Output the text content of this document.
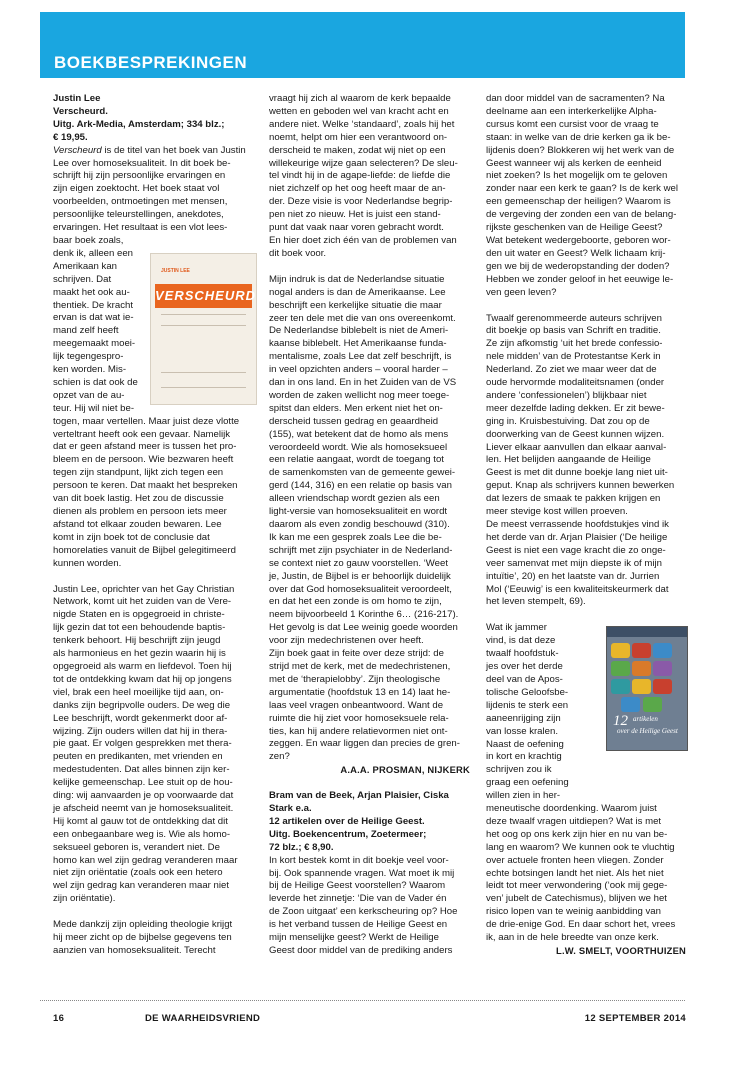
BOEKBESPREKINGEN

Justin Lee

Verscheurd.

Uitg. Ark-Media, Amsterdam; 334 blz.;

€ 19,95.

Verscheurd is de titel van het boek van Justin
Lee over homoseksualiteit. In dit boek be-
schrijft hij zijn persoonlijke ervaringen en
zijn eigen zoektocht. Het boek staat vol
voorbeelden, ontmoetingen met mensen,
persoonlijke teleurstellingen, anekdotes,
ervaringen. Het resultaat is een vlot lees-
baar boek zoals,
denk ik, alleen een
Amerikaan kan
schrijven. Dat
maakt het ook au-
thentiek. De kracht
ervan is dat wat ie-
mand zelf heeft
meegemaakt moei-
lijk tegengespro-
ken worden. Mis-
schien is dat ook de
opzet van de au-
teur. Hij wil niet be-
togen, maar vertellen. Maar juist deze vlotte
verteltrant heeft ook een gevaar. Namelijk
dat er geen afstand meer is tussen het pro-
bleem en de persoon. Wie bezwaren heeft
tegen zijn standpunt, lijkt zich tegen een
persoon te keren. Dat maakt het bespreken
van dit boek lastig. Het zou de discussie
dienen als problem en persoon iets meer
afstand tot elkaar zouden bewaren. Lee
komt in zijn boek tot de conclusie dat
homorelaties vanuit de Bijbel gelegitimeerd
kunnen worden.
Justin Lee, oprichter van het Gay Christian
Network, komt uit het zuiden van de Vere-
nigde Staten en is opgegroeid in christe-
lijk gezin dat tot een behoudende baptis-
tenkerk behoort. Hij beschrijft zijn jeugd
als harmonieus en het gezin waarin hij is
opgegroeid als warm en liefdevol. Toen hij
tot de ontdekking kwam dat hij op jongens
viel, brak een heel moeilijke tijd aan, on-
danks zijn begripvolle ouders. De weg die
Lee beschrijft, wordt gekenmerkt door af-
wijzing. Zijn ouders willen dat hij in thera-
pie gaat. Er volgen gesprekken met thera-
peuten en predikanten, met vrienden en
medestudenten. Dat alles binnen zijn ker-
kelijke gemeenschap. Lee stuit op de hou-
ding: wij aanvaarden je op voorwaarde dat
je afscheid neemt van je homoseksualiteit.
Hij komt al gauw tot de ontdekking dat dit
een onbegaanbare weg is. Wie als homo-
seksueel geboren is, verandert niet. De
homo kan wel zijn gedrag veranderen maar
niet zijn oriëntatie (zoals ook een hetero
wel zijn gedrag kan veranderen maar niet
zijn oriëntatie).
Mede dankzij zijn opleiding theologie krijgt
hij meer zicht op de bijbelse gegevens ten
aanzien van homoseksualiteit. Terecht
JUSTIN LEE
VERSCHEURD
vraagt hij zich al waarom de kerk bepaalde
wetten en geboden wel van kracht acht en
andere niet. Welke ‘standaard’, zoals hij het
noemt, helpt om hier een verantwoord on-
derscheid te maken, zodat wij niet op een
willekeurige wijze gaan selecteren? De sleu-
tel vindt hij in de agape-liefde: de liefde die
niet zichzelf op het oog heeft maar de an-
der. Deze visie is voor Nederlandse begrip-
pen niet zo nieuw. Het is juist een stand-
punt dat vaak naar voren gebracht wordt.
En hier doet zich één van de problemen van
dit boek voor.
Mijn indruk is dat de Nederlandse situatie
nogal anders is dan de Amerikaanse. Lee
beschrijft een kerkelijke situatie die maar
zeer ten dele met die van ons overeenkomt.
De Nederlandse biblebelt is niet de Ameri-
kaanse biblebelt. Het Amerikaanse funda-
mentalisme, zoals Lee dat zelf beschrijft, is
in veel opzichten anders – vooral harder –
dan in ons land. En in het Zuiden van de VS
worden de zaken wellicht nog meer toege-
spitst dan elders. Men erkent niet het on-
derscheid tussen gedrag en geaardheid
(155), wat betekent dat de homo als mens
veroordeeld wordt. Wie als homoseksueel
een relatie aangaat, wordt de toegang tot
de samenkomsten van de gemeente gewei-
gerd (144, 316) en een relatie op basis van
alleen vriendschap wordt gezien als een
light-versie van homoseksualiteit en wordt
daarom als even zondig beschouwd (310).
Ik kan me een gesprek zoals Lee die be-
schrijft met zijn psychiater in de Nederland-
se context niet zo gauw voorstellen. ‘Weet
je, Justin, de Bijbel is er behoorlijk duidelijk
over dat God homoseksualiteit veroordeelt,
en dat het een zonde is om homo te zijn,
neem bijvoorbeeld 1 Korinthe 6… (216-217).
Het gevolg is dat Lee weinig goede woorden
voor zijn medechristenen over heeft.
Zijn boek gaat in feite over deze strijd: de
strijd met de kerk, met de medechristenen,
met de ‘therapielobby’. Zijn theologische
argumentatie (hoofdstuk 13 en 14) laat he-
laas veel vragen onbeantwoord. Want de
ruimte die hij ziet voor homoseksuele rela-
ties, kan hij andere relatievormen niet ont-
zeggen. En waar liggen dan precies de gren-
zen?

A.A.A. PROSMAN, NIJKERK

Bram van de Beek, Arjan Plaisier, Ciska

Stark e.a.

12 artikelen over de Heilige Geest.

Uitg. Boekencentrum, Zoetermeer;

72 blz.; € 8,90.

In kort bestek komt in dit boekje veel voor-
bij. Ook spannende vragen. Wat moet ik mij
bij de Heilige Geest voorstellen? Waarom
leverde het zinnetje: ‘Die van de Vader én
de Zoon uitgaat’ een kerkscheuring op? Hoe
is het verband tussen de Heilige Geest en
mijn menselijke geest? Werkt de Heilige
Geest door middel van de prediking anders
dan door middel van de sacramenten? Na
deelname aan een interkerkelijke Alpha-
cursus komt een cursist voor de vraag te
staan: in welke van de drie kerken ga ik be-
lijdenis doen? Blokkeren wij het werk van de
Geest wanneer wij als kerken de eenheid
niet zoeken? Is het mogelijk om te geloven
zonder naar een kerk te gaan? Is de kerk wel
een gemeenschap der heiligen? Waarom is
de vergeving der zonden een van de belang-
rijkste geschenken van de Heilige Geest?
Wat betekent wedergeboorte, geboren wor-
den uit water en Geest? Welk lichaam krij-
gen we bij de wederopstanding der doden?
Hebben we zonder geloof in het eeuwige le-
ven geen leven?
Twaalf gerenommeerde auteurs schrijven
dit boekje op basis van Schrift en traditie.
Ze zijn afkomstig ‘uit het brede confessio-
nele midden’ van de Protestantse Kerk in
Nederland. Zo ziet we maar weer dat de
oude hervormde modaliteitsnamen (onder
andere ‘confessionelen’) blijkbaar niet
meer dezelfde lading dekken. Er zit bewe-
ging in. Kruisbestuiving. Dat zou op de
doorwerking van de Geest kunnen wijzen.
Liever elkaar aanvullen dan elkaar aanval-
len. Het belijden aangaande de Heilige
Geest is met dit dunne boekje lang niet uit-
geput. Knap als schrijvers kunnen bewerken
dat lezers de smaak te pakken krijgen en
meer stevige kost willen proeven.
De meest verrassende hoofdstukjes vind ik
het derde van dr. Arjan Plaisier (‘De heilige
Geest is niet een vage kracht die zo onge-
veer samenvat met mijn diepste ik of mijn
intuïtie’, 20) en het laatste van dr. Jurrien
Mol (‘Eeuwig’ is een kwaliteitskeurmerk dat
het leven stempelt, 69).
Wat ik jammer
vind, is dat deze
twaalf hoofdstuk-
jes over het derde
deel van de Apos-
tolische Geloofsbe-
lijdenis te sterk een
aaneenrijging zijn
van losse kralen.
Naast de oefening
in kort en krachtig
schrijven zou ik
graag een oefening
willen zien in her-
meneutische doordenking. Waarom juist
deze twaalf vragen uitdiepen? Wat is met
het oog op ons kerk zijn hier en nu van be-
lang en waarom? We kunnen ook te vluchtig
over actuele fronten heen vliegen. Zonder
echte botsingen landt het niet. Als het niet
leidt tot meer verwondering (‘ook mij gege-
ven’ jubelt de Catechismus), blijven we het
risico lopen van te weinig aanbidding van
de drie-enige God. En daar schort het, vrees
ik, aan in de hele breedte van onze kerk.

L.W. SMELT, VOORTHUIZEN

12 artikelen
over de Heilige Geest
16	DE WAARHEIDSVRIEND	12 SEPTEMBER 2014
